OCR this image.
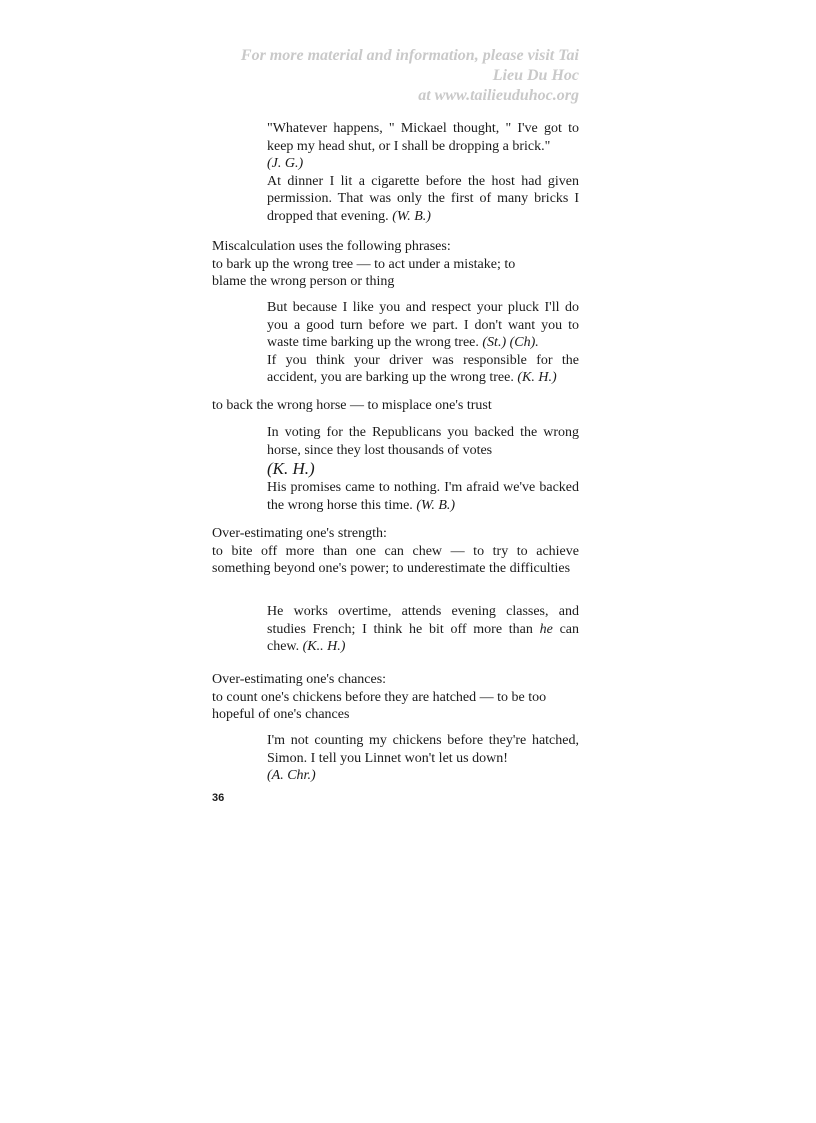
For more material and information, please visit Tai
Lieu Du Hoc
at www.tailieuduhoc.org

"Whatever happens, " Mickael thought, " I've got to keep my head shut, or I shall be dropping a brick."

(J. G.)

At dinner I lit a cigarette before the host had given permission. That was only the first of many bricks I dropped that evening. (W. B.)

Miscalculation uses the following phrases:

to bark up the wrong tree — to act under a mistake; to

blame the wrong person or thing

But because I like you and respect your pluck I'll do you a good turn before we part. I don't want you to waste time barking up the wrong tree. (St.) (Ch).

If you think your driver was responsible for the accident, you are barking up the wrong tree. (K. H.)

to back the wrong horse — to misplace one's trust

In voting for the Republicans you backed the wrong horse, since they lost thousands of votes

(K. H.)

His promises came to nothing. I'm afraid we've backed the wrong horse this time. (W. B.)

Over-estimating one's strength:

to bite off more than one can chew — to try to achieve something beyond one's power; to underestimate the difficulties

He works overtime, attends evening classes, and studies French; I think he bit off more than he can chew. (K.. H.)

Over-estimating one's chances:

to count one's chickens before they are hatched — to be too

hopeful of one's chances

I'm not counting my chickens before they're hatched, Simon. I tell you Linnet won't let us down!

(A. Chr.)

36
